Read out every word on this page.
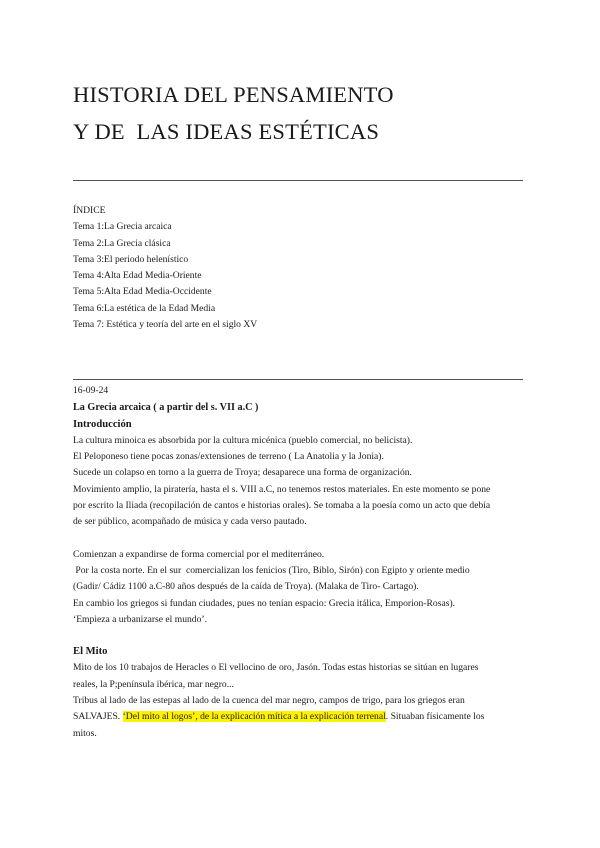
HISTORIA DEL PENSAMIENTO
Y DE  LAS IDEAS ESTÉTICAS
ÍNDICE
Tema 1:La Grecia arcaica
Tema 2:La Grecia clásica
Tema 3:El periodo helenístico
Tema 4:Alta Edad Media-Oriente
Tema 5:Alta Edad Media-Occidente
Tema 6:La estética de la Edad Media
Tema 7: Estética y teoría del arte en el siglo XV

16-09-24

La Grecia arcaica ( a partir del s. VII a.C )

Introducción

La cultura minoica es absorbida por la cultura micénica (pueblo comercial, no belicista).

El Peloponeso tiene pocas zonas/extensiones de terreno ( La Anatolia y la Jonia).

Sucede un colapso en torno a la guerra de Troya; desaparece una forma de organización.

Movimiento amplio, la piratería, hasta el s. VIII a.C, no tenemos restos materiales. En este momento se pone

por escrito la Iliada (recopilación de cantos e historias orales). Se tomaba a la poesía como un acto que debía

de ser público, acompañado de música y cada verso pautado.

Comienzan a expandirse de forma comercial por el mediterráneo.

Por la costa norte. En el sur  comercializan los fenicios (Tiro, Biblo, Sirón) con Egipto y oriente medio

(Gadir/ Cádiz 1100 a.C-80 años después de la caída de Troya). (Malaka de Tiro- Cartago).

En cambio los griegos si fundan ciudades, pues no tenían espacio: Grecia itálica, Emporion-Rosas).

‘Empieza a urbanizarse el mundo’.

El Mito

Mito de los 10 trabajos de Heracles o El vellocino de oro, Jasón. Todas estas historias se sitúan en lugares

reales, la P;península ibérica, mar negro...

Tribus al lado de las estepas al lado de la cuenca del mar negro, campos de trigo, para los griegos eran

SALVAJES. ‘Del mito al logos’, de la explicación mítica a la explicación terrenal. Situaban físicamente los

mitos.
